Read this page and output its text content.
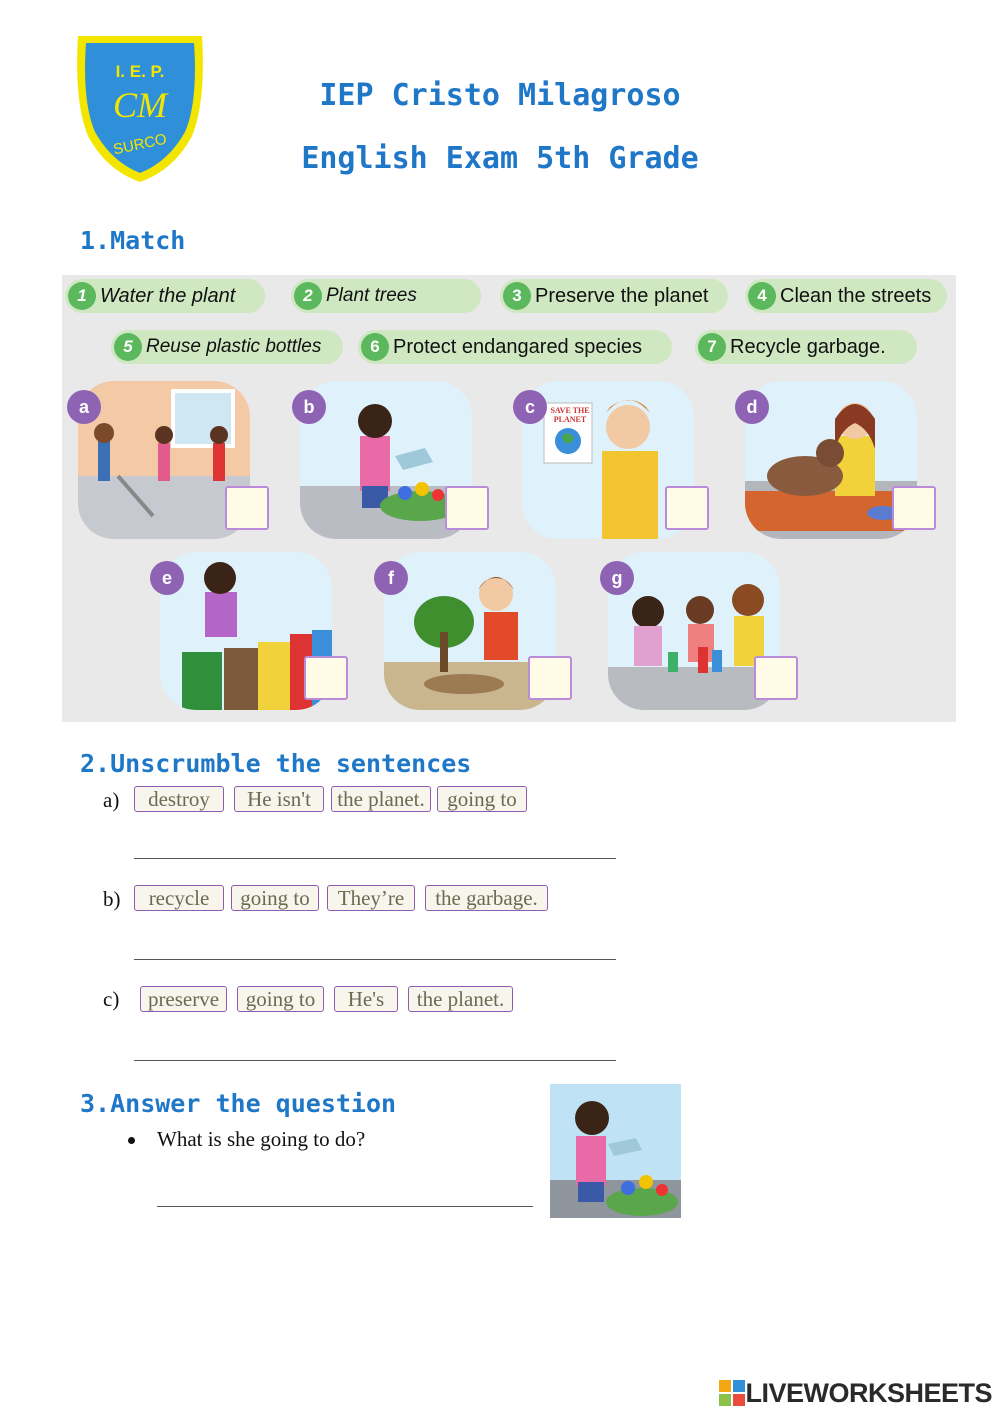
I. E. P.
CM
SURCO
IEP Cristo Milagroso
English Exam 5th Grade
1.Match
1 Water the plant	2 Plant trees	3 Preserve the planet	4 Clean the streets
5 Reuse plastic bottles	6 Protect endangared species	7 Recycle garbage.
a	b	c	SAVE THE PLANET
d
e	f	g
2.Unscrumble the sentences
a)	destroy	He isn't	the planet.	going to
b)	recycle	going to	They’re	the garbage.
c)	preserve	going to	He's	the planet.
3.Answer the question
What is she going to do?
LIVEWORKSHEETS
